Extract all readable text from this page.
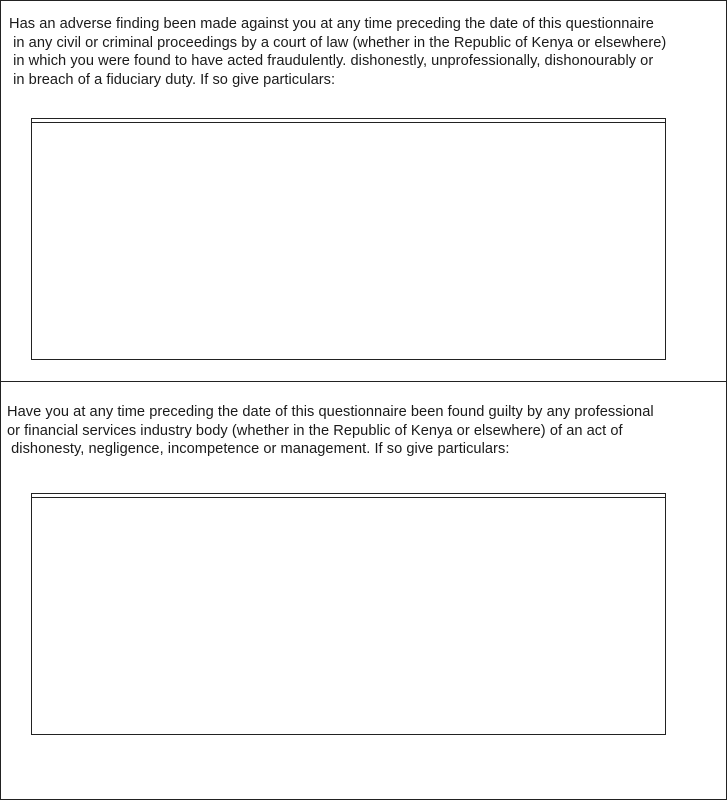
Has an adverse finding been made against you at any time preceding the date of this questionnaire
in any civil or criminal proceedings by a court of law (whether in the Republic of Kenya or elsewhere)
in which you were found to have acted fraudulently. dishonestly, unprofessionally, dishonourably or
in breach of a fiduciary duty. If so give particulars:

Have you at any time preceding the date of this questionnaire been found guilty by any professional
or financial services industry body (whether in the Republic of Kenya or elsewhere) of an act of
dishonesty, negligence, incompetence or management. If so give particulars:
